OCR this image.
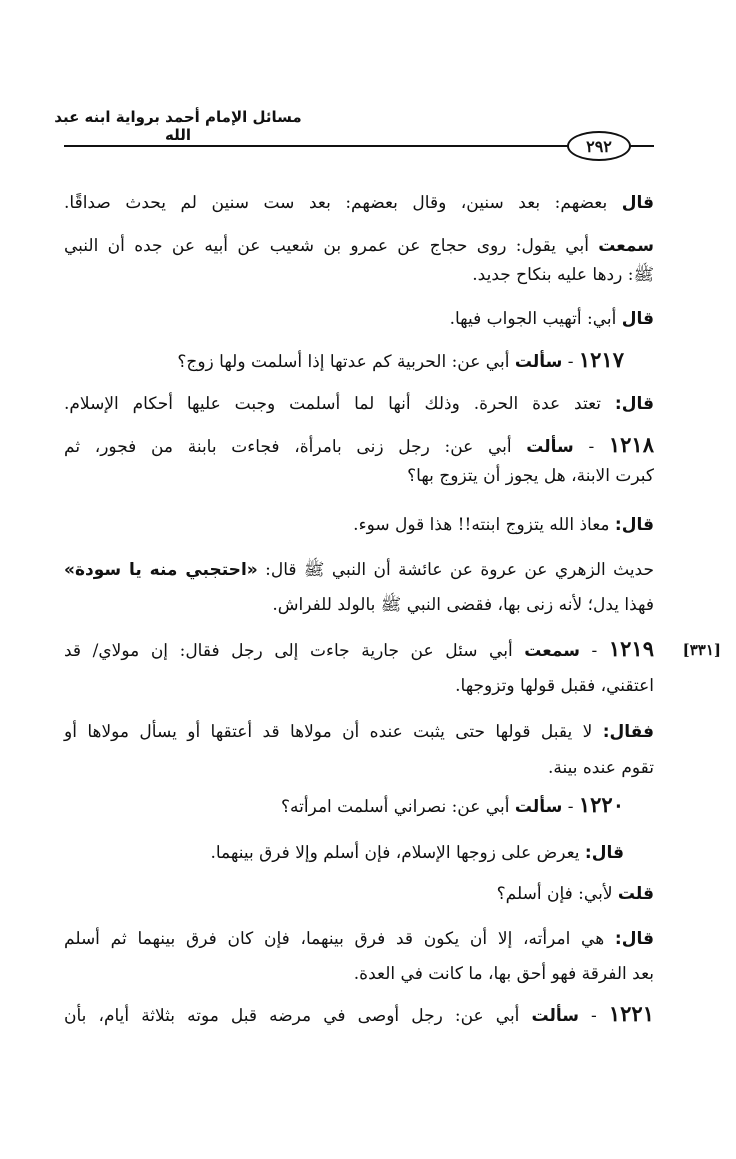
مسائل الإمام أحمد برواية ابنه عبد الله
٢٩٢
[٣٣١]
قال بعضهم: بعد سنين، وقال بعضهم: بعد ست سنين لم يحدث صداقًا.
سمعت أبي يقول: روى حجاج عن عمرو بن شعيب عن أبيه عن جده أن النبي
ﷺ: ردها عليه بنكاح جديد.
قال أبي: أتهيب الجواب فيها.
١٢١٧ - سألت أبي عن: الحربية كم عدتها إذا أسلمت ولها زوج؟
قال: تعتد عدة الحرة. وذلك أنها لما أسلمت وجبت عليها أحكام الإسلام.
١٢١٨ - سألت أبي عن: رجل زنى بامرأة، فجاءت بابنة من فجور، ثم
كبرت الابنة، هل يجوز أن يتزوج بها؟
قال: معاذ الله يتزوج ابنته!! هذا قول سوء.
حديث الزهري عن عروة عن عائشة أن النبي ﷺ قال: «احتجبي منه يا سودة»
فهذا يدل؛ لأنه زنى بها، فقضى النبي ﷺ بالولد للفراش.
١٢١٩ - سمعت أبي سئل عن جارية جاءت إلى رجل فقال: إن مولاي/ قد
اعتقني، فقبل قولها وتزوجها.
فقال: لا يقبل قولها حتى يثبت عنده أن مولاها قد أعتقها أو يسأل مولاها أو
تقوم عنده بينة.
١٢٢٠ - سألت أبي عن: نصراني أسلمت امرأته؟
قال: يعرض على زوجها الإسلام، فإن أسلم وإلا فرق بينهما.
قلت لأبي: فإن أسلم؟
قال: هي امرأته، إلا أن يكون قد فرق بينهما، فإن كان فرق بينهما ثم أسلم
بعد الفرقة فهو أحق بها، ما كانت في العدة.
١٢٢١ - سألت أبي عن: رجل أوصى في مرضه قبل موته بثلاثة أيام، بأن
